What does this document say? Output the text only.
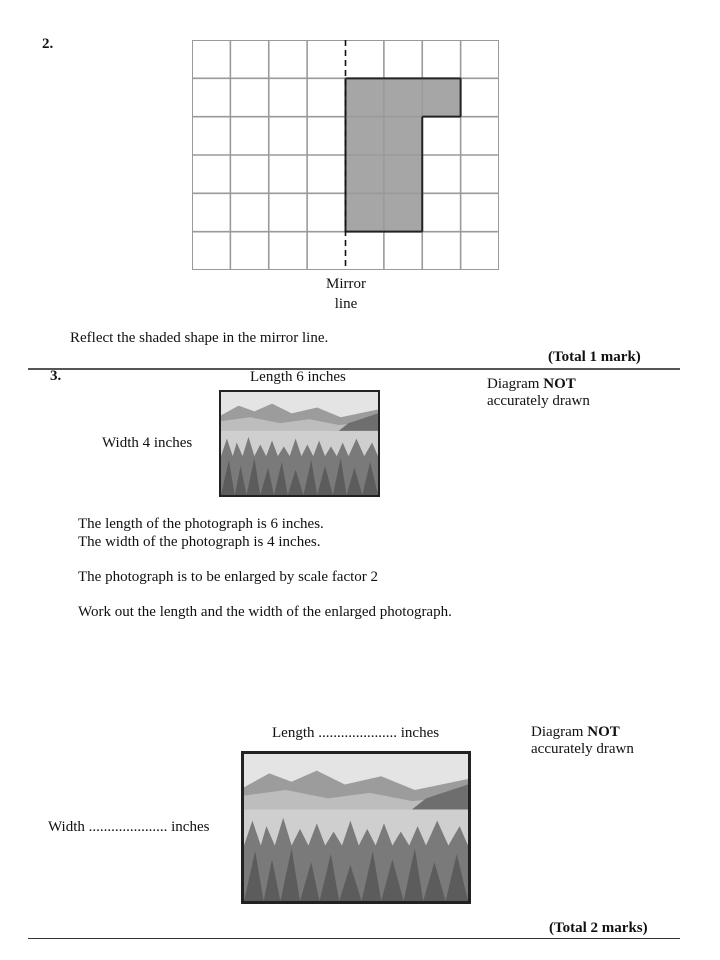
2.
Mirror
line
Reflect the shaded shape in the mirror line.
(Total 1 mark)
3.	Length 6 inches
Width 4 inches
Diagram NOT
accurately drawn
The length of the photograph is 6 inches.
The width of the photograph is 4 inches.
The photograph is to be enlarged by scale factor 2
Work out the length and the width of the enlarged photograph.
Length ..................... inches
Width ..................... inches
Diagram NOT
accurately drawn
(Total 2 marks)
